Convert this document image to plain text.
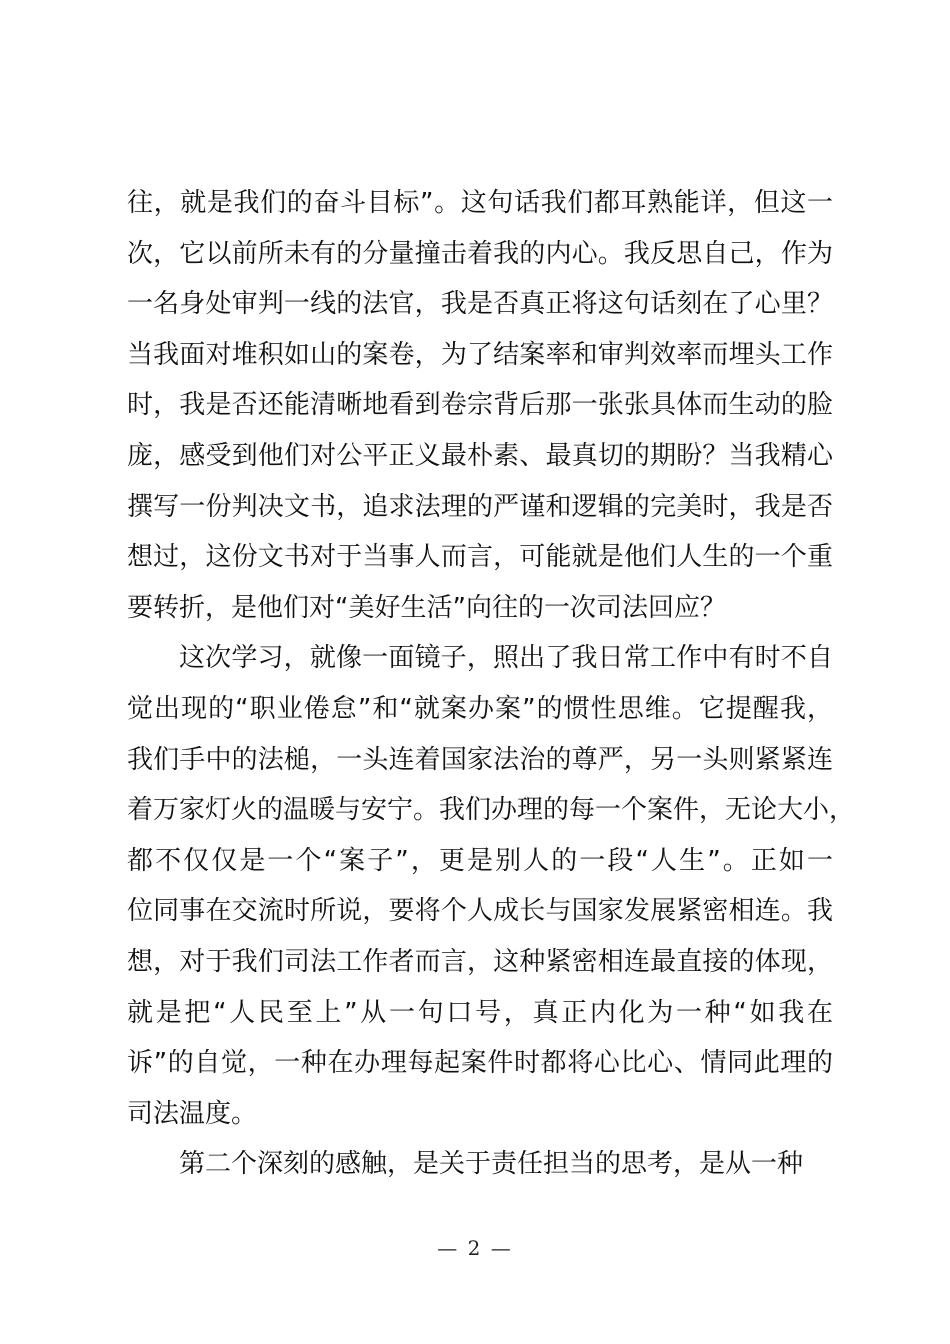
往，就是我们的奋斗目标”。这句话我们都耳熟能详，但这一
次，它以前所未有的分量撞击着我的内心。我反思自己，作为
一名身处审判一线的法官，我是否真正将这句话刻在了心里？
当我面对堆积如山的案卷，为了结案率和审判效率而埋头工作
时，我是否还能清晰地看到卷宗背后那一张张具体而生动的脸
庞，感受到他们对公平正义最朴素、最真切的期盼？当我精心
撰写一份判决文书，追求法理的严谨和逻辑的完美时，我是否
想过，这份文书对于当事人而言，可能就是他们人生的一个重
要转折，是他们对“美好生活”向往的一次司法回应？
这次学习，就像一面镜子，照出了我日常工作中有时不自
觉出现的“职业倦怠”和“就案办案”的惯性思维。它提醒我，
我们手中的法槌，一头连着国家法治的尊严，另一头则紧紧连
着万家灯火的温暖与安宁。我们办理的每一个案件，无论大小，
都不仅仅是一个“案子”，更是别人的一段“人生”。正如一
位同事在交流时所说，要将个人成长与国家发展紧密相连。我
想，对于我们司法工作者而言，这种紧密相连最直接的体现，
就是把“人民至上”从一句口号，真正内化为一种“如我在
诉”的自觉，一种在办理每起案件时都将心比心、情同此理的
司法温度。
第二个深刻的感触，是关于责任担当的思考，是从一种
— 2 —
